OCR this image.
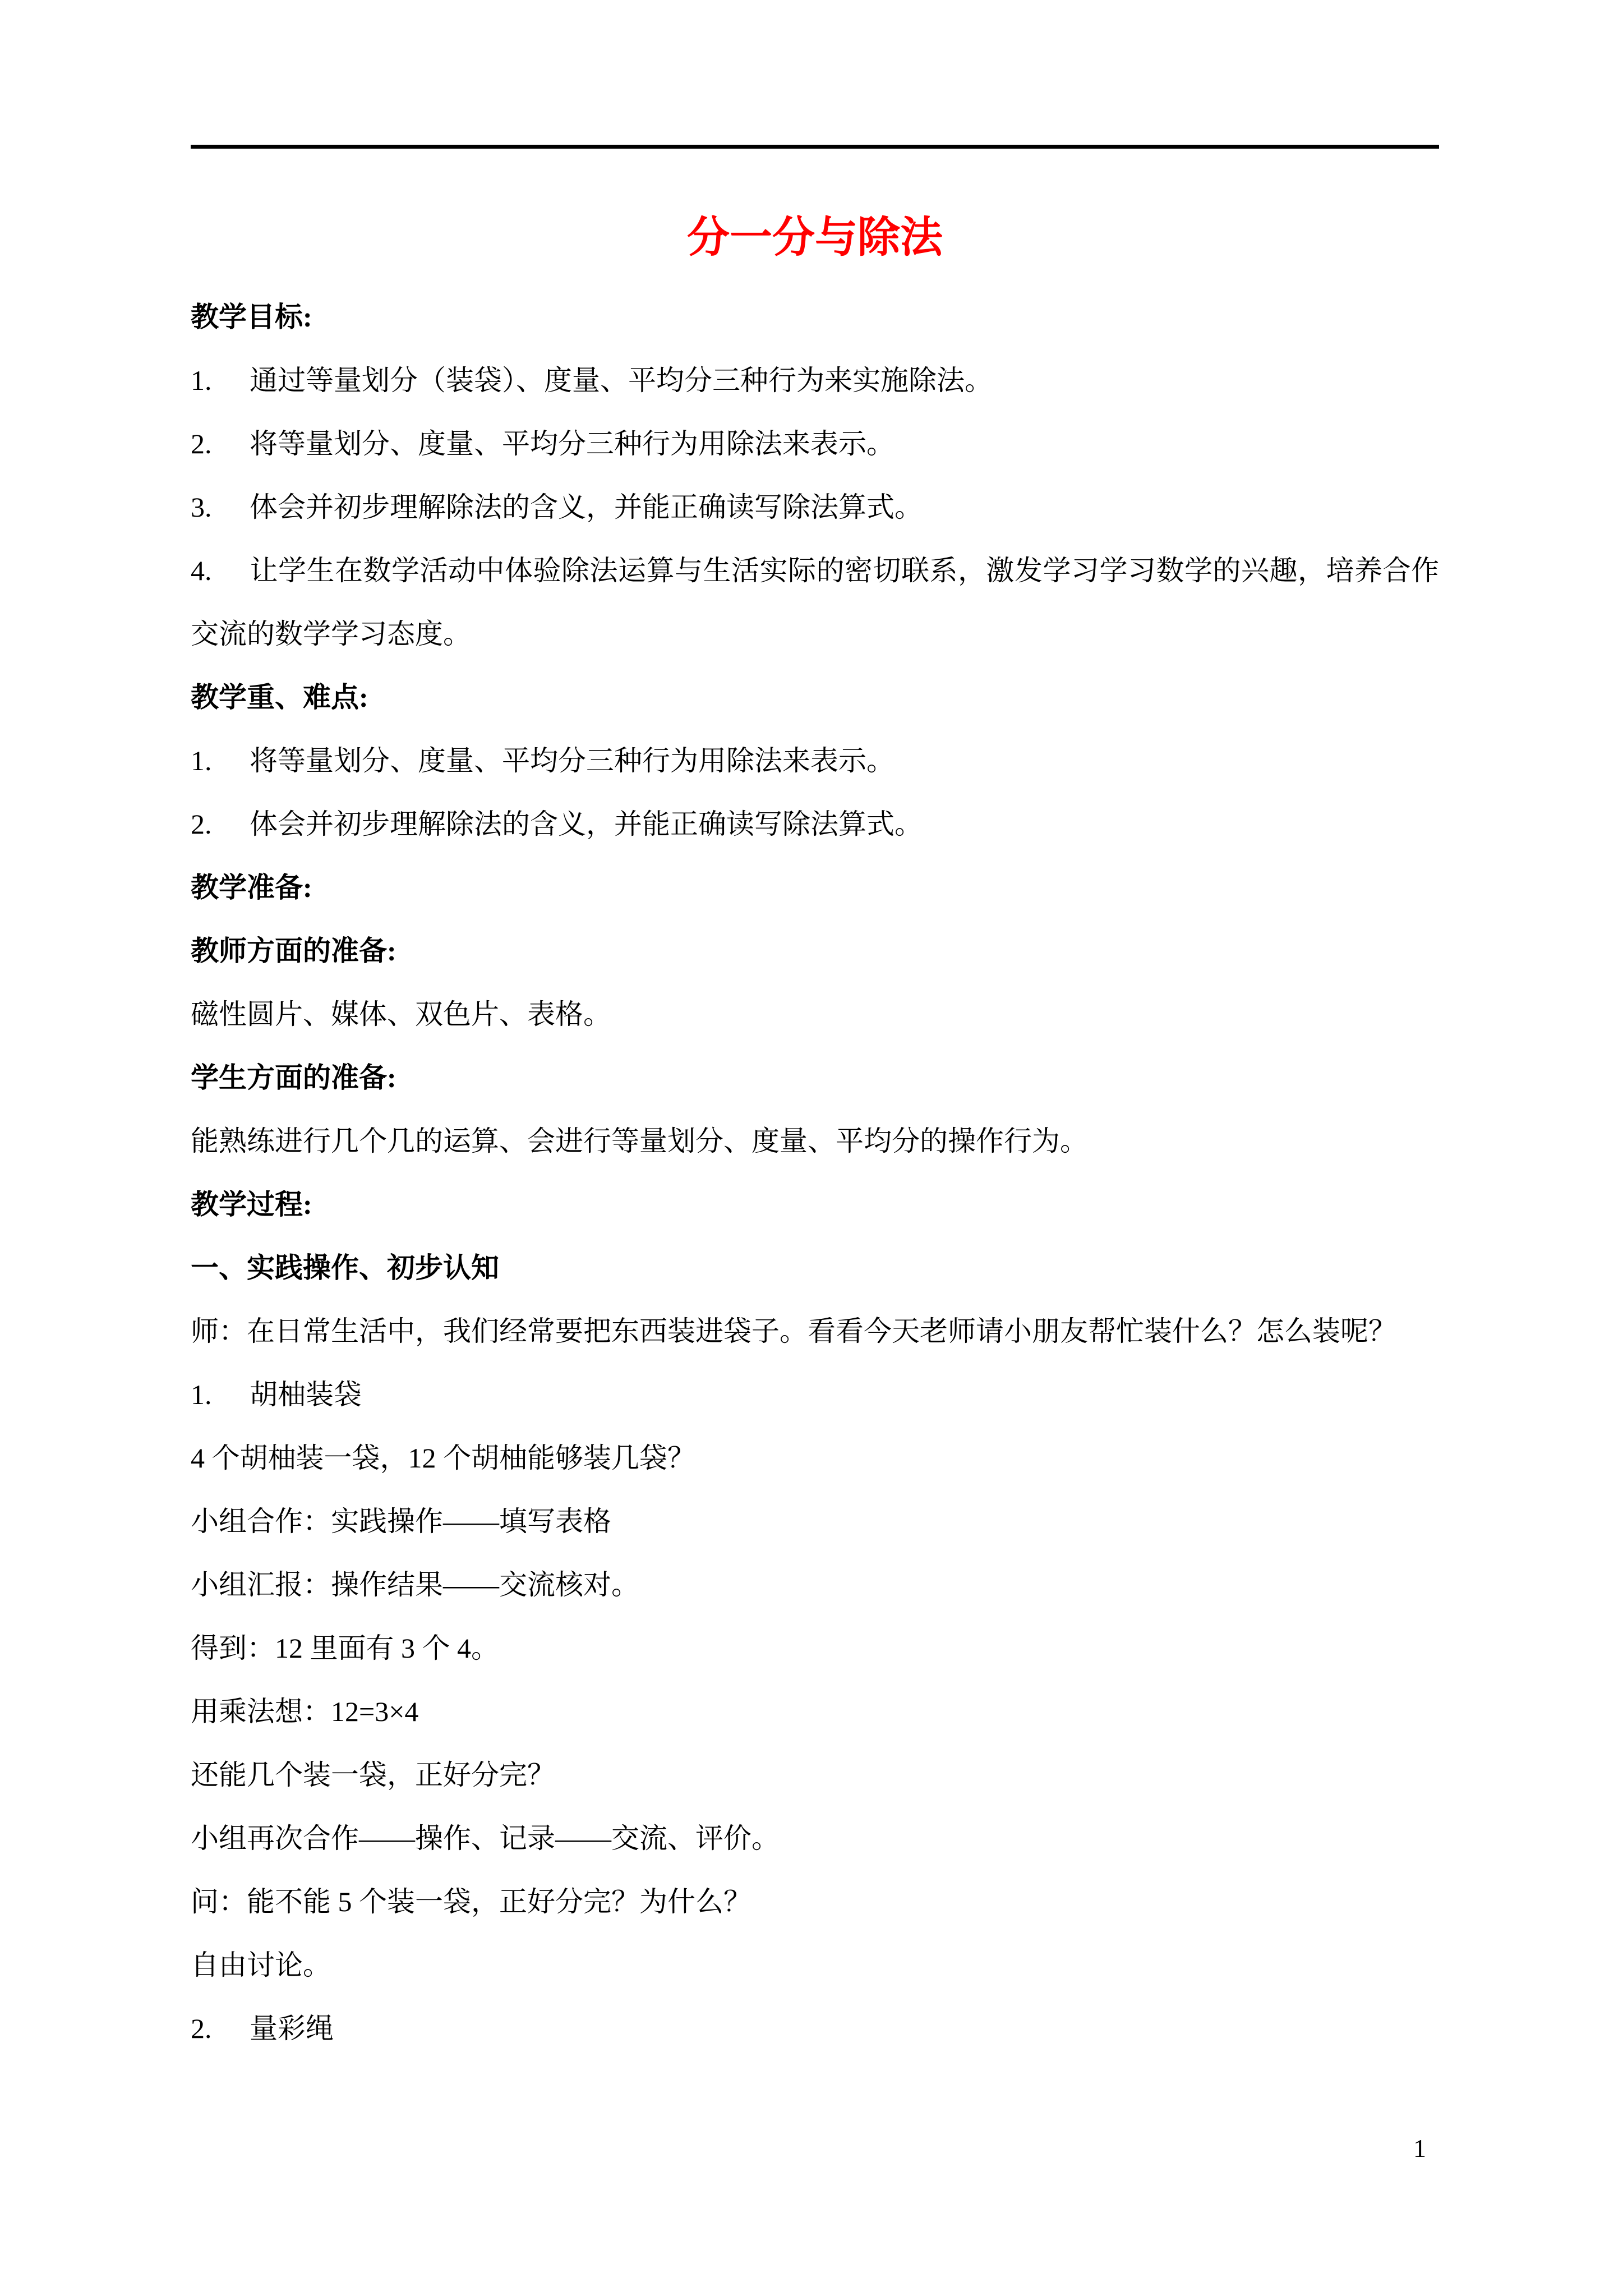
分一分与除法

教学目标:

1. 通过等量划分（装袋）、度量、平均分三种行为来实施除法。

2. 将等量划分、度量、平均分三种行为用除法来表示。

3. 体会并初步理解除法的含义，并能正确读写除法算式。

4. 让学生在数学活动中体验除法运算与生活实际的密切联系，激发学习学习数学的兴趣，培养合作交流的数学学习态度。

教学重、难点:

1. 将等量划分、度量、平均分三种行为用除法来表示。

2. 体会并初步理解除法的含义，并能正确读写除法算式。

教学准备:

教师方面的准备:

磁性圆片、媒体、双色片、表格。

学生方面的准备:

能熟练进行几个几的运算、会进行等量划分、度量、平均分的操作行为。

教学过程:

一、实践操作、初步认知

师：在日常生活中，我们经常要把东西装进袋子。看看今天老师请小朋友帮忙装什么？怎么装呢？

1. 胡柚装袋

4 个胡柚装一袋，12 个胡柚能够装几袋？

小组合作：实践操作——填写表格

小组汇报：操作结果——交流核对。

得到：12 里面有 3 个 4。

用乘法想：12=3×4

还能几个装一袋，正好分完？

小组再次合作——操作、记录——交流、评价。

问：能不能 5 个装一袋，正好分完？为什么？

自由讨论。

2. 量彩绳

1
